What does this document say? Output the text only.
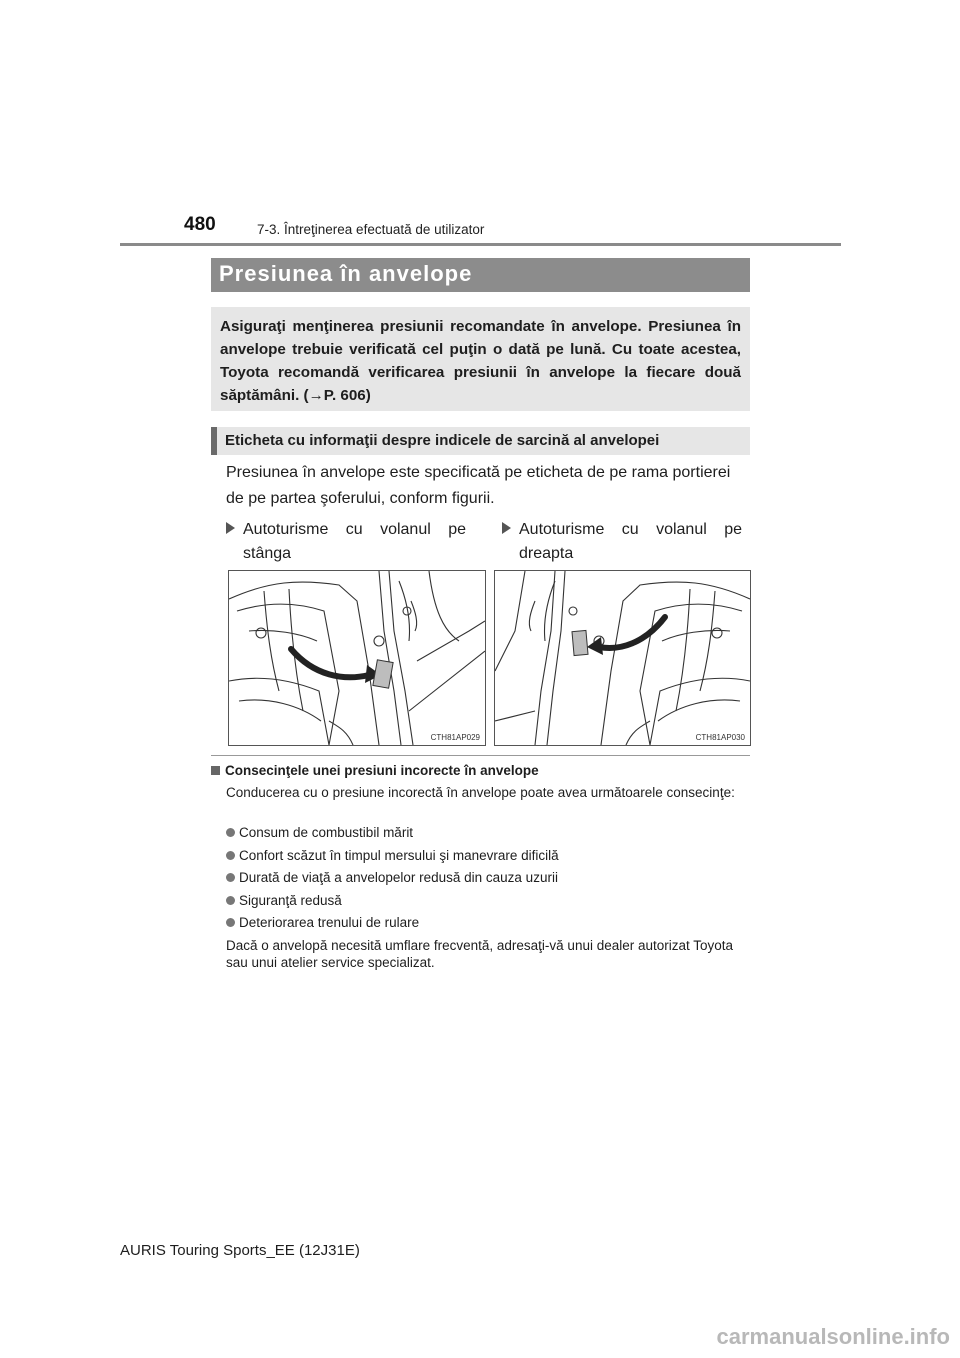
480	7-3. Întreţinerea efectuată de utilizator
Presiunea în anvelope

Asiguraţi menţinerea presiunii recomandate în anvelope. Presiunea în anvelope trebuie verificată cel puţin o dată pe lună. Cu toate acestea, Toyota recomandă verificarea presiunii în anvelope la fiecare două săptămâni. (→P. 606)

Eticheta cu informaţii despre indicele de sarcină al anvelopei

Presiunea în anvelope este specificată pe eticheta de pe rama portierei de pe partea şoferului, conform figurii.

Autoturisme cu volanul pe
stânga
Autoturisme cu volanul pe
dreapta
CTH81AP029	CTH81AP030
Consecinţele unei presiuni incorecte în anvelope

Conducerea cu o presiune incorectă în anvelope poate avea următoarele consecinţe:

Consum de combustibil mărit
Confort scăzut în timpul mersului şi manevrare dificilă
Durată de viaţă a anvelopelor redusă din cauza uzurii
Siguranţă redusă
Deteriorarea trenului de rulare

Dacă o anvelopă necesită umflare frecventă, adresaţi-vă unui dealer autorizat Toyota sau unui atelier service specializat.

AURIS Touring Sports_EE (12J31E)
carmanualsonline.info
